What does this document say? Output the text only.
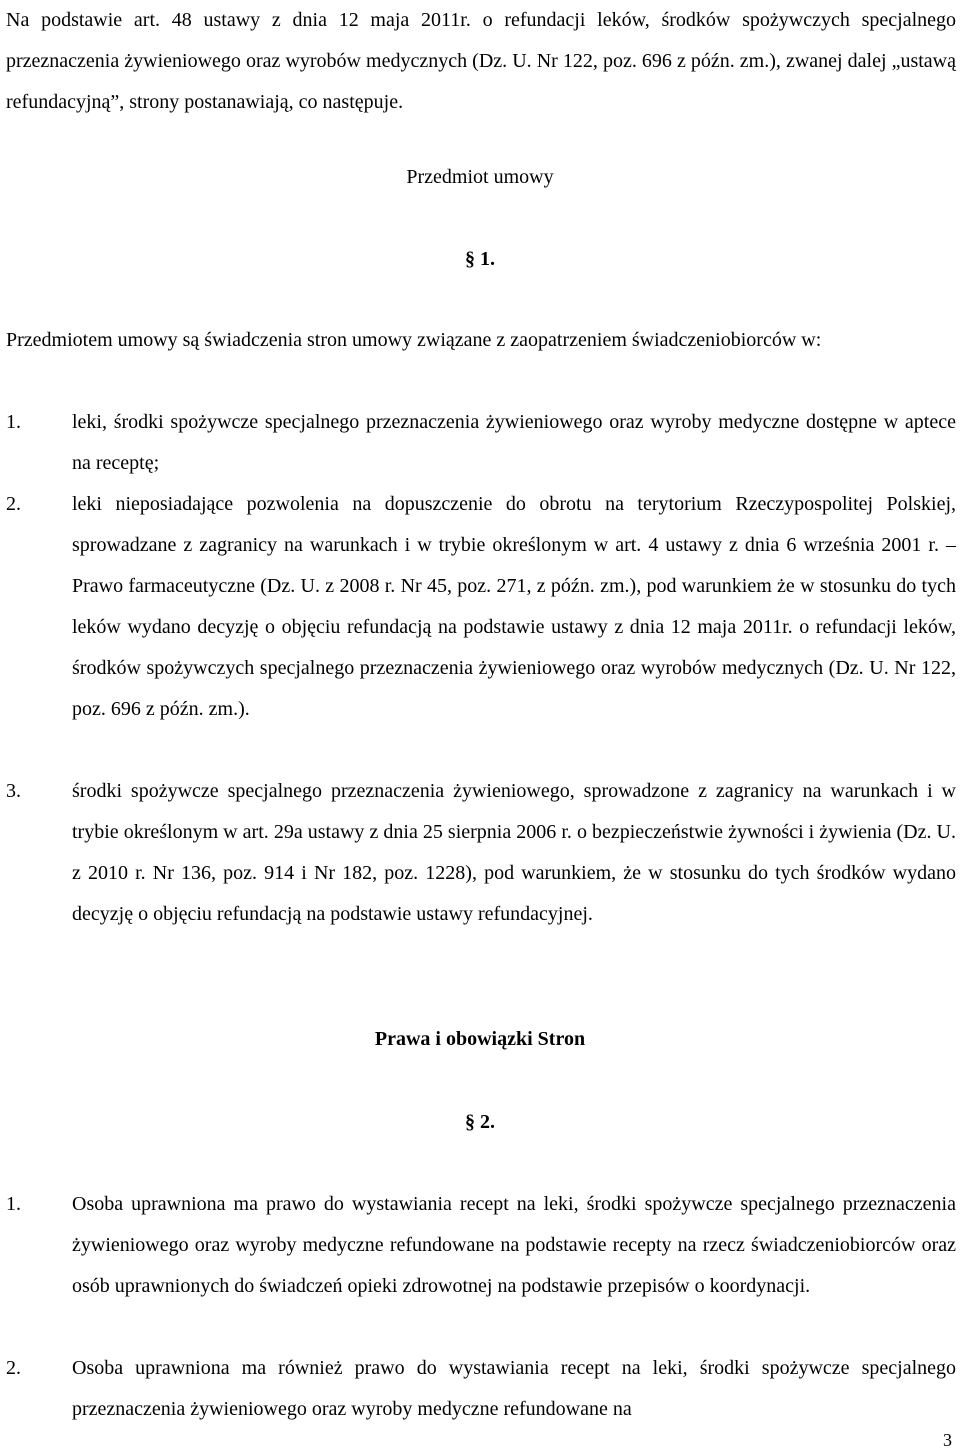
Na podstawie art. 48 ustawy z dnia 12 maja 2011r. o refundacji leków, środków spożywczych specjalnego przeznaczenia żywieniowego oraz wyrobów medycznych (Dz. U. Nr 122, poz. 696 z późn. zm.), zwanej dalej „ustawą refundacyjną”, strony postanawiają, co następuje.
Przedmiot umowy
§ 1.
Przedmiotem umowy są świadczenia stron umowy związane z zaopatrzeniem świadczeniobiorców w:
1.	leki, środki spożywcze specjalnego przeznaczenia żywieniowego oraz wyroby medyczne dostępne w aptece na receptę;
2.	leki nieposiadające pozwolenia na dopuszczenie do obrotu na terytorium Rzeczypospolitej Polskiej, sprowadzane z zagranicy na warunkach i w trybie określonym w art. 4 ustawy z dnia 6 września 2001 r. – Prawo farmaceutyczne (Dz. U. z 2008 r. Nr 45, poz. 271, z późn. zm.), pod warunkiem że w stosunku do tych leków wydano decyzję o objęciu refundacją na podstawie ustawy z dnia 12 maja 2011r. o refundacji leków, środków spożywczych specjalnego przeznaczenia żywieniowego oraz wyrobów medycznych (Dz. U. Nr 122, poz. 696 z późn. zm.).
3.	środki spożywcze specjalnego przeznaczenia żywieniowego, sprowadzone z zagranicy na warunkach i w trybie określonym w art. 29a ustawy z dnia 25 sierpnia 2006 r. o bezpieczeństwie żywności i żywienia (Dz. U. z 2010 r. Nr 136, poz. 914 i Nr 182, poz. 1228), pod warunkiem, że w stosunku do tych środków wydano decyzję o objęciu refundacją na podstawie ustawy refundacyjnej.
Prawa i obowiązki Stron
§ 2.
1.	Osoba uprawniona ma prawo do wystawiania recept na leki, środki spożywcze specjalnego przeznaczenia żywieniowego oraz wyroby medyczne refundowane na podstawie recepty na rzecz świadczeniobiorców oraz osób uprawnionych do świadczeń opieki zdrowotnej na podstawie przepisów o koordynacji.
2.	Osoba uprawniona ma również prawo do wystawiania recept na leki, środki spożywcze specjalnego przeznaczenia żywieniowego oraz wyroby medyczne refundowane na
3
